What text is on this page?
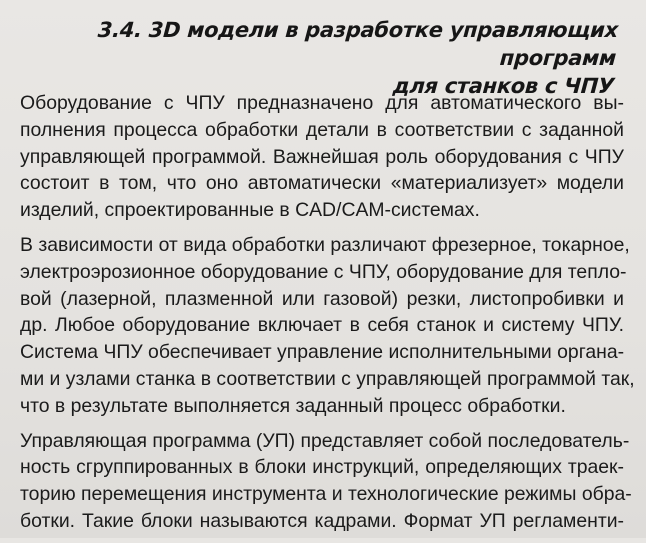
3.4. 3D модели в разработке управляющих программ
для станков с ЧПУ

Оборудование с ЧПУ предназначено для автоматического вы-
полнения процесса обработки детали в соответствии с заданной
управляющей программой. Важнейшая роль оборудования с ЧПУ
состоит в том, что оно автоматически «материализует» модели
изделий, спроектированные в CAD/CAM-системах.

В зависимости от вида обработки различают фрезерное, токарное,
электроэрозионное оборудование с ЧПУ, оборудование для тепло-
вой (лазерной, плазменной или газовой) резки, листопробивки и
др. Любое оборудование включает в себя станок и систему ЧПУ.
Система ЧПУ обеспечивает управление исполнительными органа-
ми и узлами станка в соответствии с управляющей программой так,
что в результате выполняется заданный процесс обработки.

Управляющая программа (УП) представляет собой последователь-
ность сгруппированных в блоки инструкций, определяющих траек-
торию перемещения инструмента и технологические режимы обра-
ботки. Такие блоки называются кадрами. Формат УП регламенти-
